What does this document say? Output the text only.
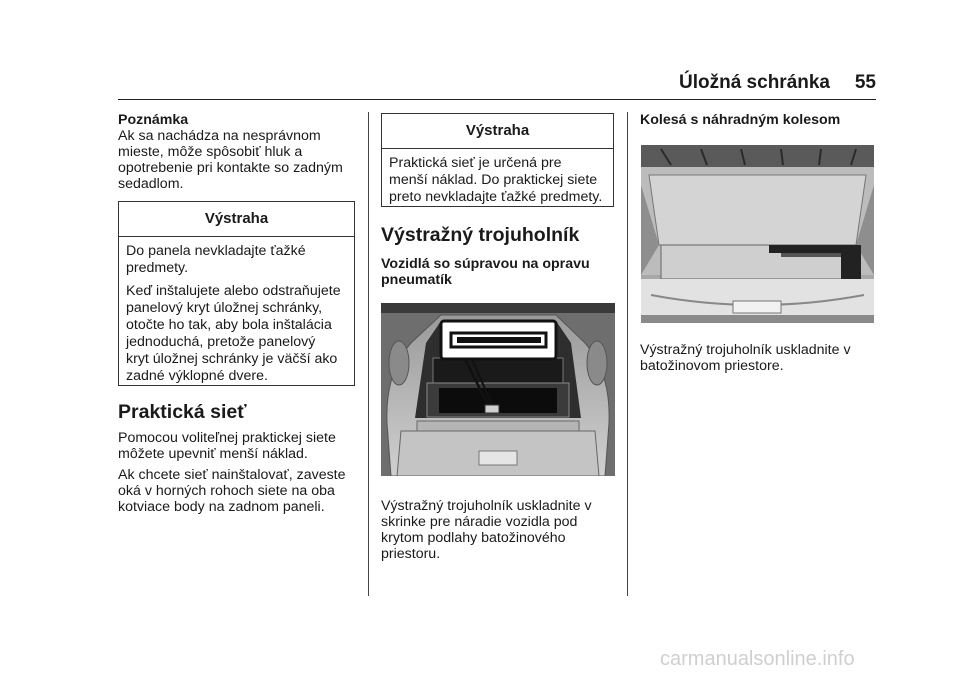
Úložná schránka	55

Poznámka

Ak sa nachádza na nesprávnom

mieste, môže spôsobiť hluk a

opotrebenie pri kontakte so zadným

sedadlom.

Výstraha

Do panela nevkladajte ťažké
predmety.

Keď inštalujete alebo odstraňujete
panelový kryt úložnej schránky,
otočte ho tak, aby bola inštalácia
jednoduchá, pretože panelový
kryt úložnej schránky je väčší ako
zadné výklopné dvere.

Praktická sieť

Pomocou voliteľnej praktickej siete

môžete upevniť menší náklad.

Ak chcete sieť nainštalovať, zaveste

oká v horných rohoch siete na oba

kotviace body na zadnom paneli.

Výstraha

Praktická sieť je určená pre
menší náklad. Do praktickej siete
preto nevkladajte ťažké predmety.

Výstražný trojuholník

Vozidlá so súpravou na opravu

pneumatík

Výstražný trojuholník uskladnite v

skrinke pre náradie vozidla pod

krytom podlahy batožinového

priestoru.

Kolesá s náhradným kolesom

Výstražný trojuholník uskladnite v

batožinovom priestore.

carmanualsonline.info
